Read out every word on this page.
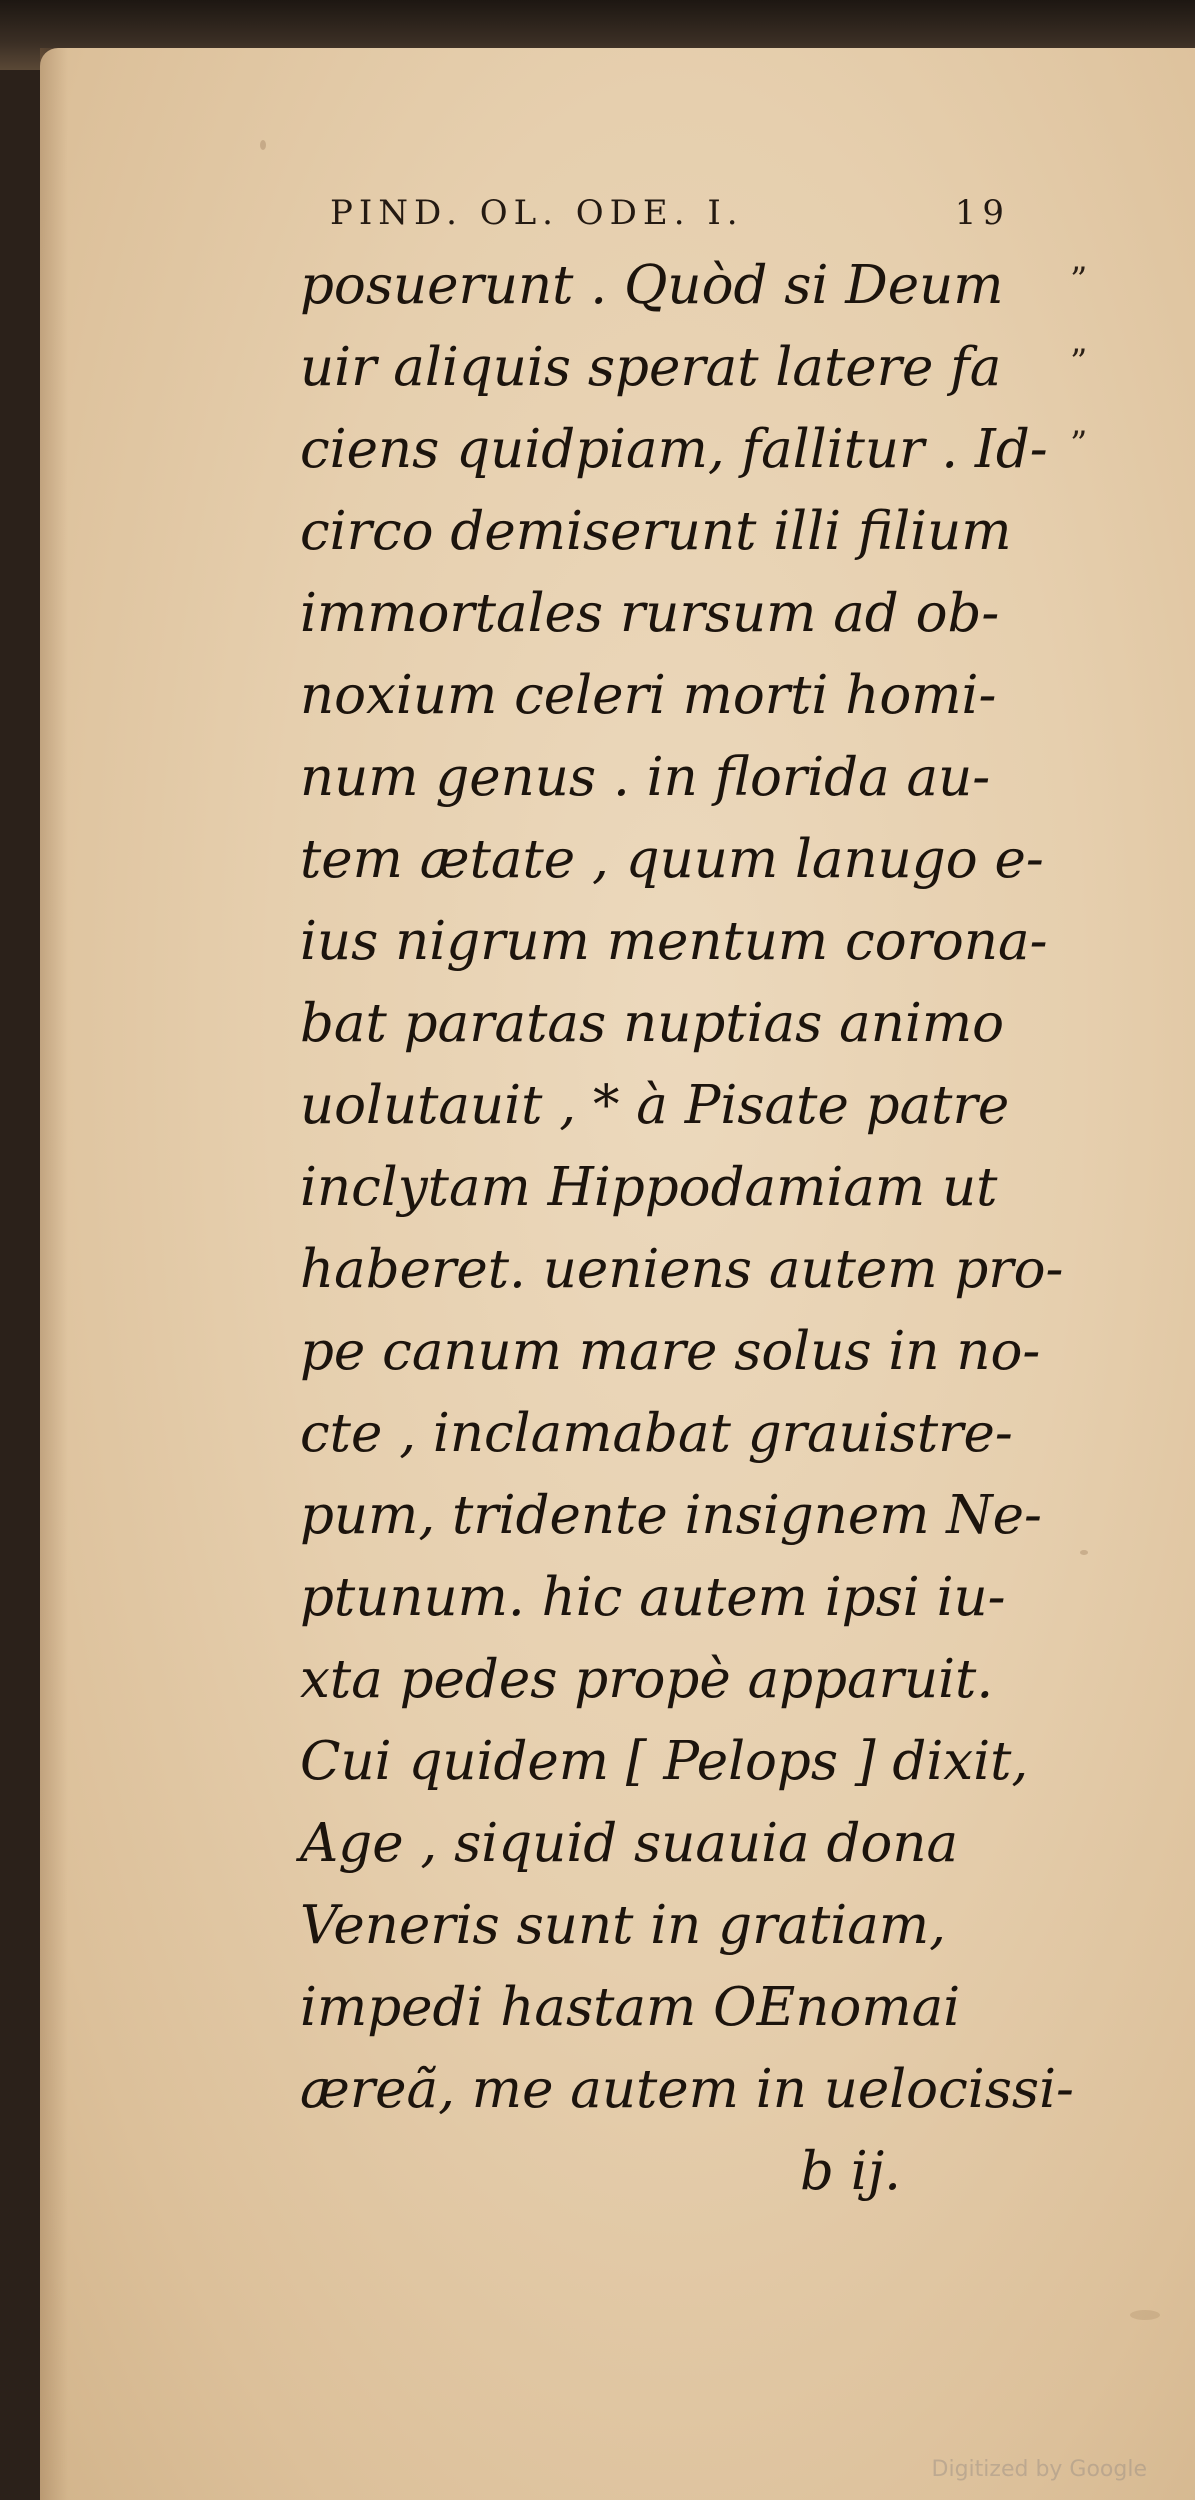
PIND. OL. ODE. I.	19
posuerunt . Quòd si Deum ”
uir aliquis sperat latere fa ”
ciens quidpiam, fallitur . Id- ”
circo demiserunt illi filium
immortales rursum ad ob-
noxium celeri morti homi-
num genus . in florida au-
tem ætate , quum lanugo e-
ius nigrum mentum corona-
bat paratas nuptias animo
uolutauit , * à Pisate patre
inclytam Hippodamiam ut
haberet. ueniens autem pro-
pe canum mare solus in no-
cte , inclamabat grauistre-
pum, tridente insignem Ne-
ptunum. hic autem ipsi iu-
xta pedes propè apparuit.
Cui quidem [ Pelops ] dixit,
Age , siquid suauia dona
Veneris sunt in gratiam,
impedi hastam OEnomai
æreã, me autem in uelocissi-
b ij.
Digitized by Google
